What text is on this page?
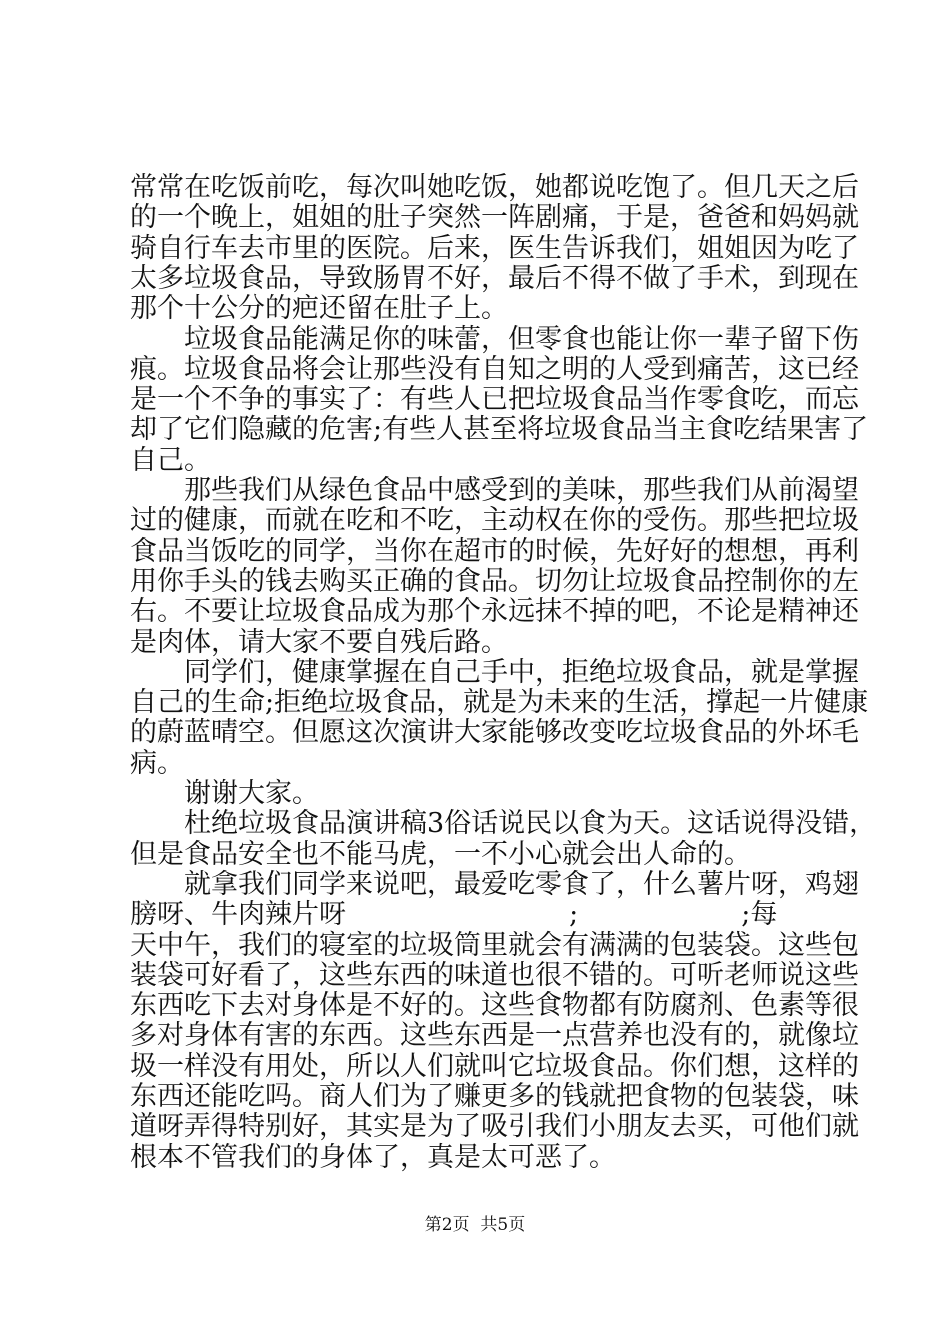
常常在吃饭前吃，每次叫她吃饭，她都说吃饱了。但几天之后
的一个晚上，姐姐的肚子突然一阵剧痛，于是，爸爸和妈妈就
骑自行车去市里的医院。后来，医生告诉我们，姐姐因为吃了
太多垃圾食品，导致肠胃不好，最后不得不做了手术，到现在
那个十公分的疤还留在肚子上。
　　垃圾食品能满足你的味蕾，但零食也能让你一辈子留下伤
痕。垃圾食品将会让那些没有自知之明的人受到痛苦，这已经
是一个不争的事实了：有些人已把垃圾食品当作零食吃，而忘
却了它们隐藏的危害;有些人甚至将垃圾食品当主食吃结果害了
自己。
　　那些我们从绿色食品中感受到的美味，那些我们从前渴望
过的健康，而就在吃和不吃，主动权在你的受伤。那些把垃圾
食品当饭吃的同学，当你在超市的时候，先好好的想想，再利
用你手头的钱去购买正确的食品。切勿让垃圾食品控制你的左
右。不要让垃圾食品成为那个永远抹不掉的吧，不论是精神还
是肉体，请大家不要自残后路。
　　同学们，健康掌握在自己手中，拒绝垃圾食品，就是掌握
自己的生命;拒绝垃圾食品，就是为未来的生活，撑起一片健康
的蔚蓝晴空。但愿这次演讲大家能够改变吃垃圾食品的外坏毛
病。
　　谢谢大家。
　　杜绝垃圾食品演讲稿3俗话说民以食为天。这话说得没错，
但是食品安全也不能马虎，一不小心就会出人命的。
　　就拿我们同学来说吧，最爱吃零食了，什么薯片呀，鸡翅
膀呀、牛肉辣片呀                          ;                   ;每
天中午，我们的寝室的垃圾筒里就会有满满的包装袋。这些包
装袋可好看了，这些东西的味道也很不错的。可听老师说这些
东西吃下去对身体是不好的。这些食物都有防腐剂、色素等很
多对身体有害的东西。这些东西是一点营养也没有的，就像垃
圾一样没有用处，所以人们就叫它垃圾食品。你们想，这样的
东西还能吃吗。商人们为了赚更多的钱就把食物的包装袋，味
道呀弄得特别好，其实是为了吸引我们小朋友去买，可他们就
根本不管我们的身体了，真是太可恶了。
第2页  共5页
